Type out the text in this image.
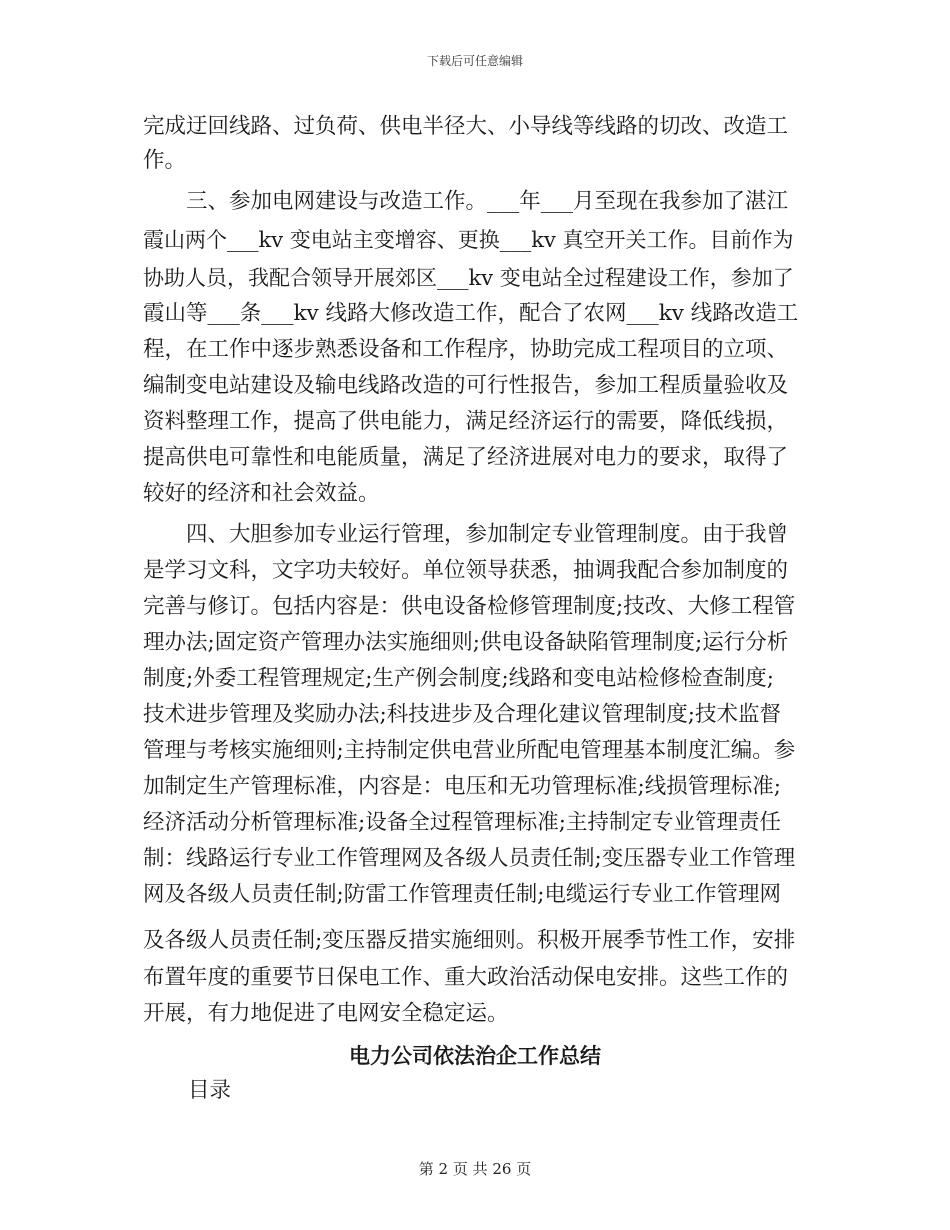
下载后可任意编辑
完成迂回线路、过负荷、供电半径大、小导线等线路的切改、改造工
作。
　　三、参加电网建设与改造工作。___年___月至现在我参加了湛江
霞山两个___kv 变电站主变增容、更换___kv 真空开关工作。目前作为
协助人员，我配合领导开展郊区___kv 变电站全过程建设工作，参加了
霞山等___条___kv 线路大修改造工作，配合了农网___kv 线路改造工
程，在工作中逐步熟悉设备和工作程序，协助完成工程项目的立项、
编制变电站建设及输电线路改造的可行性报告，参加工程质量验收及
资料整理工作，提高了供电能力，满足经济运行的需要，降低线损，
提高供电可靠性和电能质量，满足了经济进展对电力的要求，取得了
较好的经济和社会效益。
　　四、大胆参加专业运行管理，参加制定专业管理制度。由于我曾
是学习文科，文字功夫较好。单位领导获悉，抽调我配合参加制度的
完善与修订。包括内容是：供电设备检修管理制度;技改、大修工程管
理办法;固定资产管理办法实施细则;供电设备缺陷管理制度;运行分析
制度;外委工程管理规定;生产例会制度;线路和变电站检修检查制度;
技术进步管理及奖励办法;科技进步及合理化建议管理制度;技术监督
管理与考核实施细则;主持制定供电营业所配电管理基本制度汇编。参
加制定生产管理标准，内容是：电压和无功管理标准;线损管理标准;
经济活动分析管理标准;设备全过程管理标准;主持制定专业管理责任
制：线路运行专业工作管理网及各级人员责任制;变压器专业工作管理
网及各级人员责任制;防雷工作管理责任制;电缆运行专业工作管理网
及各级人员责任制;变压器反措实施细则。积极开展季节性工作，安排
布置年度的重要节日保电工作、重大政治活动保电安排。这些工作的
开展，有力地促进了电网安全稳定运。
电力公司依法治企工作总结
目录
第 2 页 共 26 页
